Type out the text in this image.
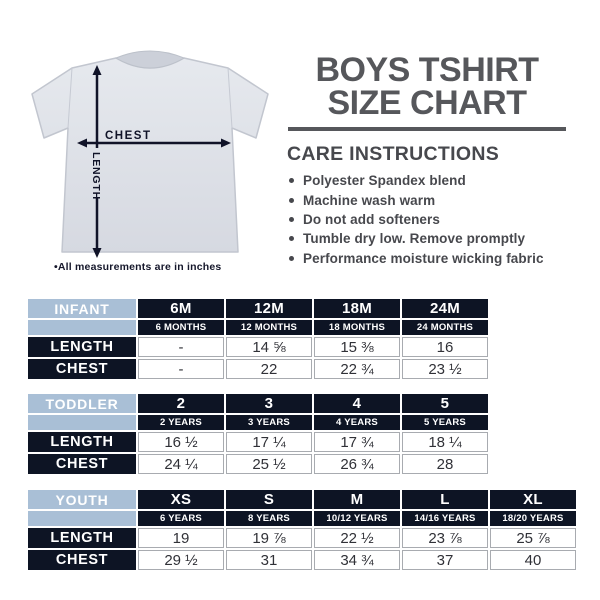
CHEST
LENGTH
•All measurements are in inches
BOYS TSHIRT
SIZE CHART
CARE INSTRUCTIONS
Polyester Spandex blend
Machine wash warm
Do not add softeners
Tumble dry low. Remove promptly
Performance moisture wicking fabric
INFANT	6M	12M	18M	24M
	6 MONTHS	12 MONTHS	18 MONTHS	24 MONTHS
LENGTH	-	14 ⅝	15 ⅜	16
CHEST	-	22	22 ¾	23 ½
TODDLER	2	3	4	5
	2 YEARS	3 YEARS	4 YEARS	5 YEARS
LENGTH	16 ½	17 ¼	17 ¾	18 ¼
CHEST	24 ¼	25 ½	26 ¾	28
YOUTH	XS	S	M	L	XL
	6 YEARS	8 YEARS	10/12 YEARS	14/16 YEARS	18/20 YEARS
LENGTH	19	19 ⅞	22 ½	23 ⅞	25 ⅞
CHEST	29 ½	31	34 ¾	37	40
